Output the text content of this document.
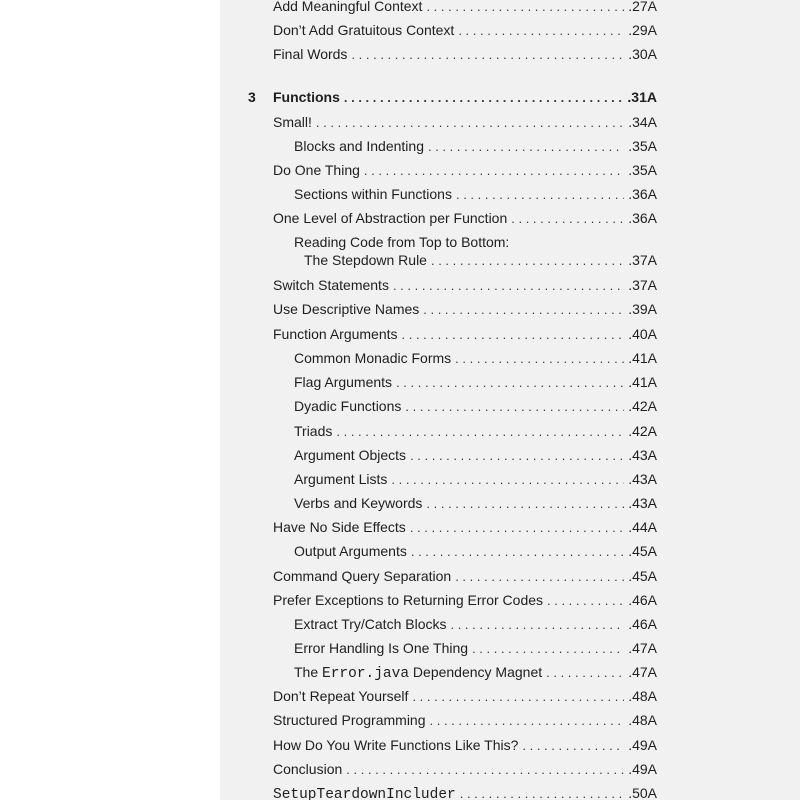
Add Meaningful Context . . .	.27A
Don’t Add Gratuitous Context . . .	.29A
Final Words . . .	.30A
3 Functions . . .	.31A
Small! . . .	.34A
Blocks and Indenting . . .	.35A
Do One Thing . . .	.35A
Sections within Functions . . .	.36A
One Level of Abstraction per Function . . .	.36A
Reading Code from Top to Bottom:
The Stepdown Rule . . .	.37A
Switch Statements . . .	.37A
Use Descriptive Names . . .	.39A
Function Arguments . . .	.40A
Common Monadic Forms . . .	.41A
Flag Arguments . . .	.41A
Dyadic Functions . . .	.42A
Triads . . .	.42A
Argument Objects . . .	.43A
Argument Lists . . .	.43A
Verbs and Keywords . . .	.43A
Have No Side Effects . . .	.44A
Output Arguments . . .	.45A
Command Query Separation . . .	.45A
Prefer Exceptions to Returning Error Codes . . .	.46A
Extract Try/Catch Blocks . . .	.46A
Error Handling Is One Thing . . .	.47A
The Error.java Dependency Magnet . . .	.47A
Don’t Repeat Yourself . . .	.48A
Structured Programming . . .	.48A
How Do You Write Functions Like This? . . .	.49A
Conclusion . . .	.49A
SetupTeardownIncluder . . .	.50A
